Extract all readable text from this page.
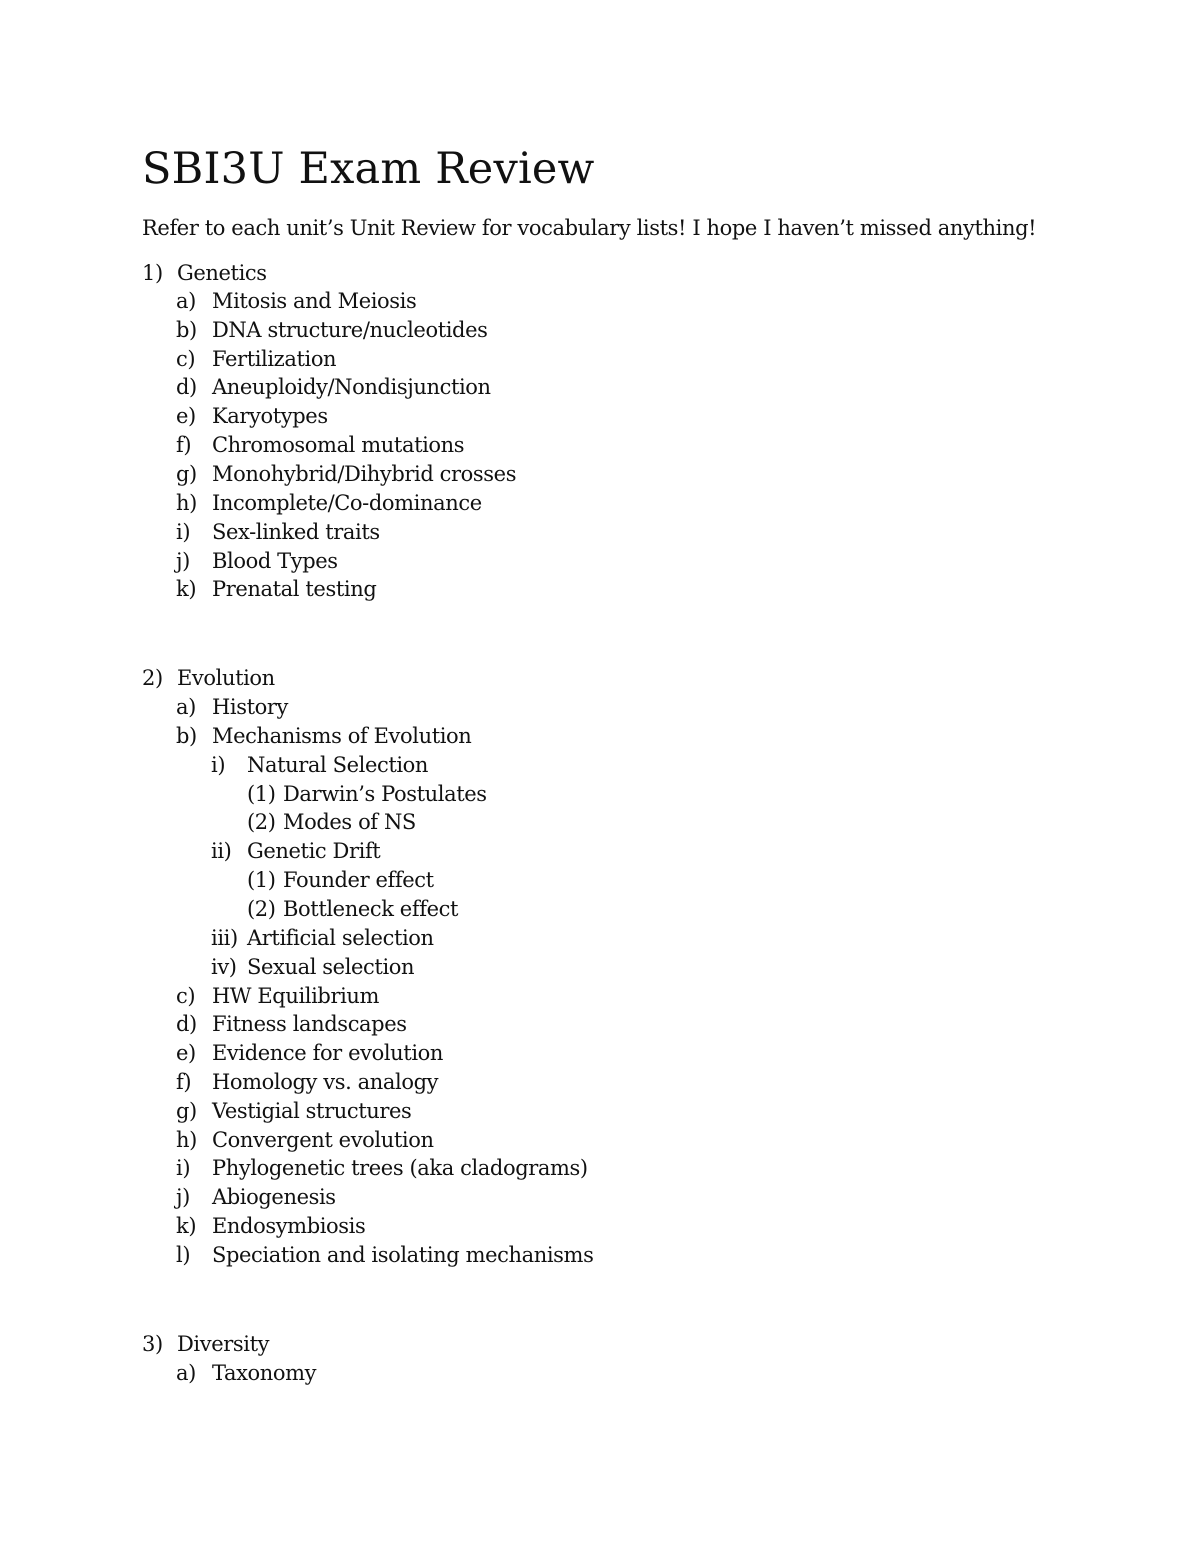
SBI3U Exam Review

Refer to each unit’s Unit Review for vocabulary lists! I hope I haven’t missed anything!

1) Genetics
a) Mitosis and Meiosis
b) DNA structure/nucleotides
c) Fertilization
d) Aneuploidy/Nondisjunction
e) Karyotypes
f) Chromosomal mutations
g) Monohybrid/Dihybrid crosses
h) Incomplete/Co-dominance
i) Sex-linked traits
j) Blood Types
k) Prenatal testing
2) Evolution
a) History
b) Mechanisms of Evolution
i) Natural Selection
(1) Darwin’s Postulates
(2) Modes of NS
ii) Genetic Drift
(1) Founder effect
(2) Bottleneck effect
iii) Artificial selection
iv) Sexual selection
c) HW Equilibrium
d) Fitness landscapes
e) Evidence for evolution
f) Homology vs. analogy
g) Vestigial structures
h) Convergent evolution
i) Phylogenetic trees (aka cladograms)
j) Abiogenesis
k) Endosymbiosis
l) Speciation and isolating mechanisms
3) Diversity
a) Taxonomy
